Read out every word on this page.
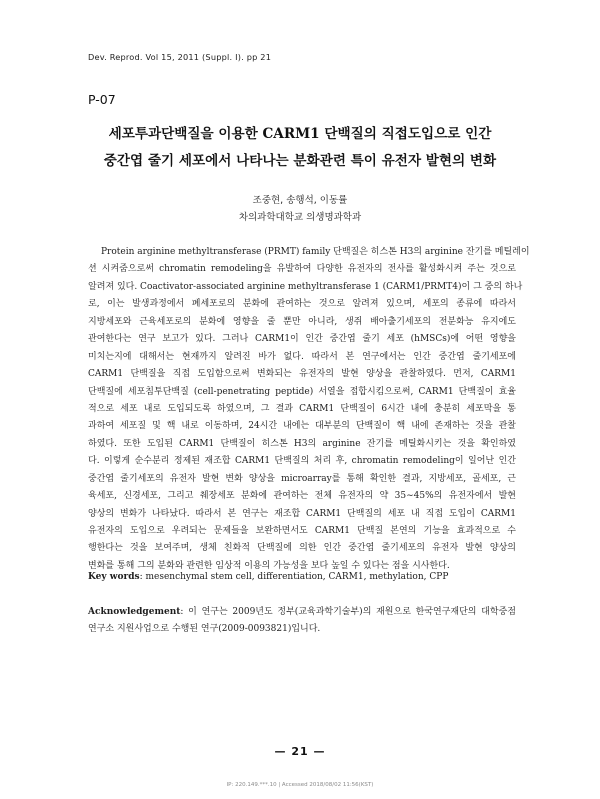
Dev. Reprod. Vol 15, 2011 (Suppl. I). pp 21
P-07
세포투과단백질을 이용한 CARM1 단백질의 직접도입으로 인간
중간엽 줄기 세포에서 나타나는 분화관련 특이 유전자 발현의 변화
조중현, 송행석, 이동률
차의과학대학교 의생명과학과
Protein arginine methyltransferase (PRMT) family 단백질은 히스톤 H3의 arginine 잔기를 메틸레이
션 시켜줌으로써 chromatin remodeling을 유발하여 다양한 유전자의 전사를 활성화시켜 주는 것으로
알려져 있다. Coactivator-associated arginine methyltransferase 1 (CARM1/PRMT4)이 그 중의 하나
로, 이는 발생과정에서 폐세포로의 분화에 관여하는 것으로 알려져 있으며, 세포의 종류에 따라서
지방세포와 근육세포로의 분화에 영향을 줄 뿐만 아니라, 생쥐 배아출기세포의 전분화능 유지에도
관여한다는 연구 보고가 있다. 그러나 CARM1이 인간 중간엽 줄기 세포 (hMSCs)에 어떤 영향을
미치는지에 대해서는 현재까지 알려진 바가 없다. 따라서 본 연구에서는 인간 중간엽 줄기세포에
CARM1 단백질을 직접 도입함으로써 변화되는 유전자의 발현 양상을 관찰하였다. 먼저, CARM1
단백질에 세포침투단백질 (cell-penetrating peptide) 서열을 접합시킴으로써, CARM1 단백질이 효율
적으로 세포 내로 도입되도록 하였으며, 그 결과 CARM1 단백질이 6시간 내에 충분히 세포막을 통
과하여 세포질 및 핵 내로 이동하며, 24시간 내에는 대부분의 단백질이 핵 내에 존재하는 것을 관찰
하였다. 또한 도입된 CARM1 단백질이 히스톤 H3의 arginine 잔기를 메틸화시키는 것을 확인하였
다. 이렇게 순수분리 정제된 재조합 CARM1 단백질의 처리 후, chromatin remodeling이 일어난 인간
중간엽 줄기세포의 유전자 발현 변화 양상을 microarray를 통해 확인한 결과, 지방세포, 골세포, 근
육세포, 신경세포, 그리고 췌장세포 분화에 관여하는 전체 유전자의 약 35∼45%의 유전자에서 발현
양상의 변화가 나타났다. 따라서 본 연구는 재조합 CARM1 단백질의 세포 내 직접 도입이 CARM1
유전자의 도입으로 우려되는 문제들을 보완하면서도 CARM1 단백질 본연의 기능을 효과적으로 수
행한다는 것을 보여주며, 생체 친화적 단백질에 의한 인간 중간엽 줄기세포의 유전자 발현 양상의
변화를 통해 그의 분화와 관련한 임상적 이용의 가능성을 보다 높일 수 있다는 점을 시사한다.
Key words: mesenchymal stem cell, differentiation, CARM1, methylation, CPP
Acknowledgement: 이 연구는 2009년도 정부(교육과학기술부)의 재원으로 한국연구재단의 대학중점
연구소 지원사업으로 수행된 연구(2009-0093821)입니다.
— 21 —
IP: 220.149.***.10 | Accessed 2018/08/02 11:56(KST)
